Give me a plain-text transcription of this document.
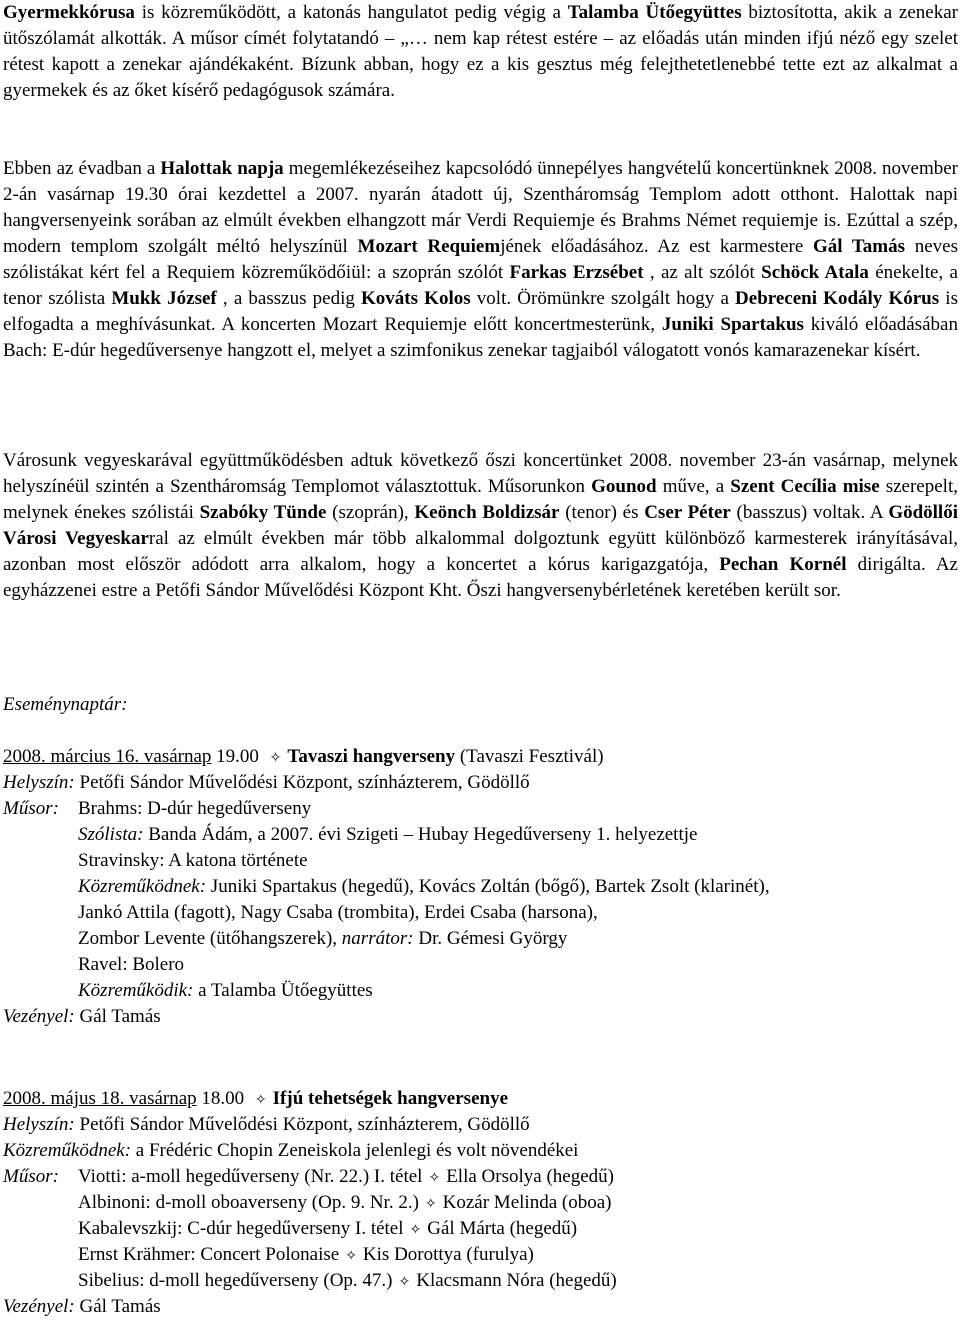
Gyermekkórusa is közreműködött, a katonás hangulatot pedig végig a Talamba Ütőegyüttes biztosította, akik a zenekar ütőszólamát alkották. A műsor címét folytatandó – „… nem kap rétest estére – az előadás után minden ifjú néző egy szelet rétest kapott a zenekar ajándékaként. Bízunk abban, hogy ez a kis gesztus még felejthetetlenebbé tette ezt az alkalmat a gyermekek és az őket kísérő pedagógusok számára.

Ebben az évadban a Halottak napja megemlékezéseihez kapcsolódó ünnepélyes hangvételű koncertünknek 2008. november 2-án vasárnap 19.30 órai kezdettel a 2007. nyarán átadott új, Szentháromság Templom adott otthont. Halottak napi hangversenyeink sorában az elmúlt években elhangzott már Verdi Requiemje és Brahms Német requiemje is. Ezúttal a szép, modern templom szolgált méltó helyszínül Mozart Requiemjének előadásához. Az est karmestere Gál Tamás neves szólistákat kért fel a Requiem közreműködőiül: a szoprán szólót Farkas Erzsébet , az alt szólót Schöck Atala énekelte, a tenor szólista Mukk József , a basszus pedig Kováts Kolos volt. Örömünkre szolgált hogy a Debreceni Kodály Kórus is elfogadta a meghívásunkat. A koncerten Mozart Requiemje előtt koncertmesterünk, Juniki Spartakus kiváló előadásában Bach: E-dúr hegedűversenye hangzott el, melyet a szimfonikus zenekar tagjaiból válogatott vonós kamarazenekar kísért.

Városunk vegyeskarával együttműködésben adtuk következő őszi koncertünket 2008. november 23-án vasárnap, melynek helyszínéül szintén a Szentháromság Templomot választottuk. Műsorunkon Gounod műve, a Szent Cecília mise szerepelt, melynek énekes szólistái Szabóky Tünde (szoprán), Keönch Boldizsár (tenor) és Cser Péter (basszus) voltak. A Gödöllői Városi Vegyeskarral az elmúlt években már több alkalommal dolgoztunk együtt különböző karmesterek irányításával, azonban most először adódott arra alkalom, hogy a koncertet a kórus karigazgatója, Pechan Kornél dirigálta. Az egyházzenei estre a Petőfi Sándor Művelődési Központ Kht. Őszi hangversenybérletének keretében került sor.

Eseménynaptár:
2008. március 16. vasárnap 19.00 ✧ Tavaszi hangverseny (Tavaszi Fesztivál)
Helyszín: Petőfi Sándor Művelődési Központ, színházterem, Gödöllő
Műsor: Brahms: D-dúr hegedűverseny
Szólista: Banda Ádám, a 2007. évi Szigeti – Hubay Hegedűverseny 1. helyezettje
Stravinsky: A katona története
Közreműködnek: Juniki Spartakus (hegedű), Kovács Zoltán (bőgő), Bartek Zsolt (klarinét),
Jankó Attila (fagott), Nagy Csaba (trombita), Erdei Csaba (harsona),
Zombor Levente (ütőhangszerek), narrátor: Dr. Gémesi György
Ravel: Bolero
Közreműködik: a Talamba Ütőegyüttes
Vezényel: Gál Tamás
2008. május 18. vasárnap 18.00 ✧ Ifjú tehetségek hangversenye
Helyszín: Petőfi Sándor Művelődési Központ, színházterem, Gödöllő
Közreműködnek: a Frédéric Chopin Zeneiskola jelenlegi és volt növendékei
Műsor: Viotti: a-moll hegedűverseny (Nr. 22.) I. tétel ✧ Ella Orsolya (hegedű)
Albinoni: d-moll oboaverseny (Op. 9. Nr. 2.) ✧ Kozár Melinda (oboa)
Kabalevszkij: C-dúr hegedűverseny I. tétel ✧ Gál Márta (hegedű)
Ernst Krähmer: Concert Polonaise ✧ Kis Dorottya (furulya)
Sibelius: d-moll hegedűverseny (Op. 47.) ✧ Klacsmann Nóra (hegedű)
Vezényel: Gál Tamás
